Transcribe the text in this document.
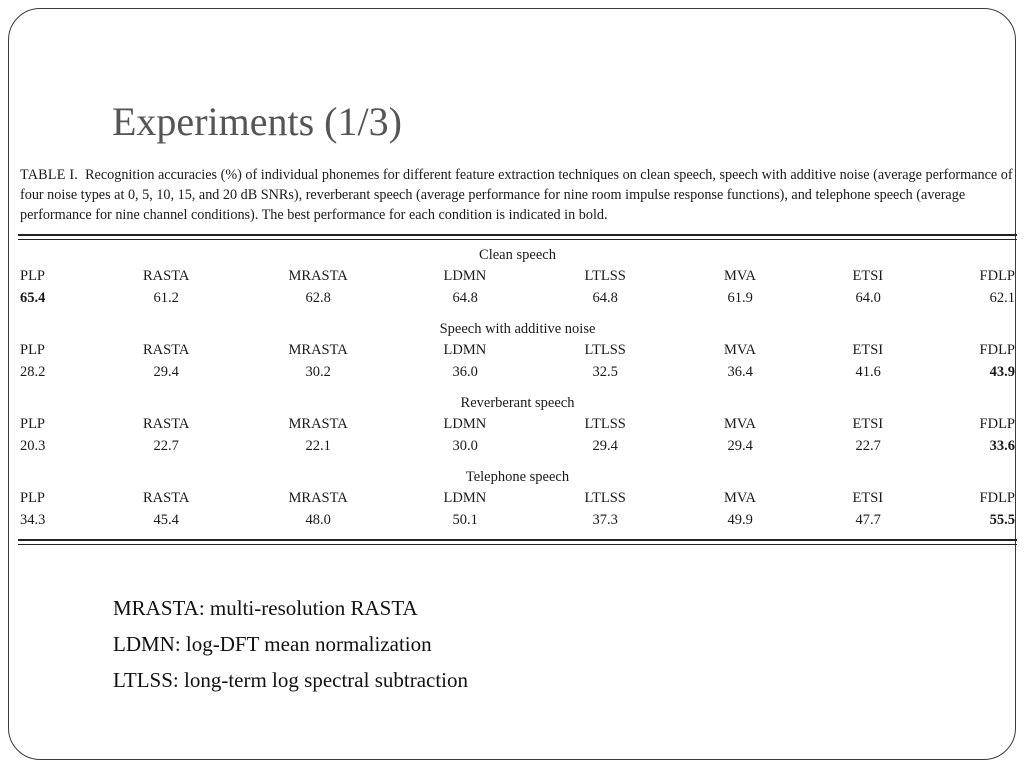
Experiments (1/3)

TABLE I. Recognition accuracies (%) of individual phonemes for different feature extraction techniques on clean speech, speech with additive noise (average performance of four noise types at 0, 5, 10, 15, and 20 dB SNRs), reverberant speech (average performance for nine room impulse response functions), and telephone speech (average performance for nine channel conditions). The best performance for each condition is indicated in bold.

Clean speech
PLP	RASTA	MRASTA	LDMN	LTLSS	MVA	ETSI	FDLP
65.4	61.2	62.8	64.8	64.8	61.9	64.0	62.1
Speech with additive noise
PLP	RASTA	MRASTA	LDMN	LTLSS	MVA	ETSI	FDLP
28.2	29.4	30.2	36.0	32.5	36.4	41.6	43.9
Reverberant speech
PLP	RASTA	MRASTA	LDMN	LTLSS	MVA	ETSI	FDLP
20.3	22.7	22.1	30.0	29.4	29.4	22.7	33.6
Telephone speech
PLP	RASTA	MRASTA	LDMN	LTLSS	MVA	ETSI	FDLP
34.3	45.4	48.0	50.1	37.3	49.9	47.7	55.5
MRASTA: multi-resolution RASTA
LDMN: log-DFT mean normalization
LTLSS: long-term log spectral subtraction
